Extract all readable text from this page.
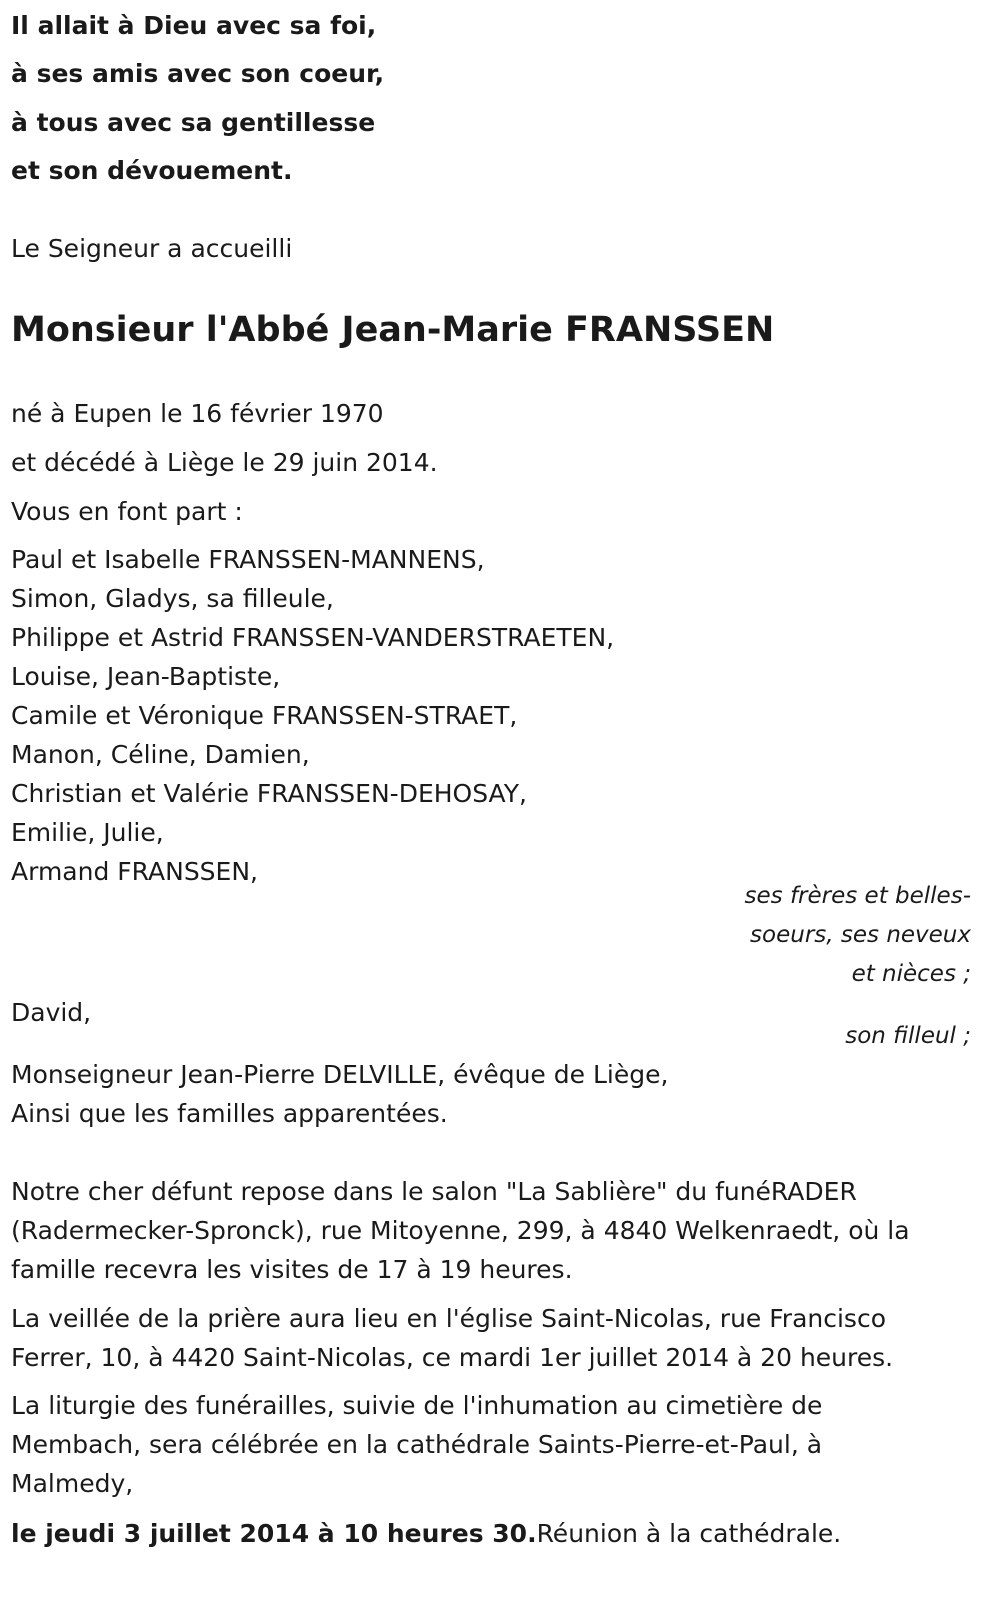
Il allait à Dieu avec sa foi,
à ses amis avec son coeur,
à tous avec sa gentillesse
et son dévouement.
Le Seigneur a accueilli
Monsieur l'Abbé Jean-Marie FRANSSEN
né à Eupen le 16 février 1970
et décédé à Liège le 29 juin 2014.
Vous en font part :
Paul et Isabelle FRANSSEN-MANNENS,
Simon, Gladys, sa filleule,
Philippe et Astrid FRANSSEN-VANDERSTRAETEN,
Louise, Jean-Baptiste,
Camile et Véronique FRANSSEN-STRAET,
Manon, Céline, Damien,
Christian et Valérie FRANSSEN-DEHOSAY,
Emilie, Julie,
Armand FRANSSEN,
ses frères et belles-
soeurs, ses neveux
et nièces ;
David,
son filleul ;
Monseigneur Jean-Pierre DELVILLE, évêque de Liège,
Ainsi que les familles apparentées.
Notre cher défunt repose dans le salon "La Sablière" du funéRADER
(Radermecker-Spronck), rue Mitoyenne, 299, à 4840 Welkenraedt, où la
famille recevra les visites de 17 à 19 heures.
La veillée de la prière aura lieu en l'église Saint-Nicolas, rue Francisco
Ferrer, 10, à 4420 Saint-Nicolas, ce mardi 1er juillet 2014 à 20 heures.
La liturgie des funérailles, suivie de l'inhumation au cimetière de
Membach, sera célébrée en la cathédrale Saints-Pierre-et-Paul, à
Malmedy,
le jeudi 3 juillet 2014 à 10 heures 30.Réunion à la cathédrale.
